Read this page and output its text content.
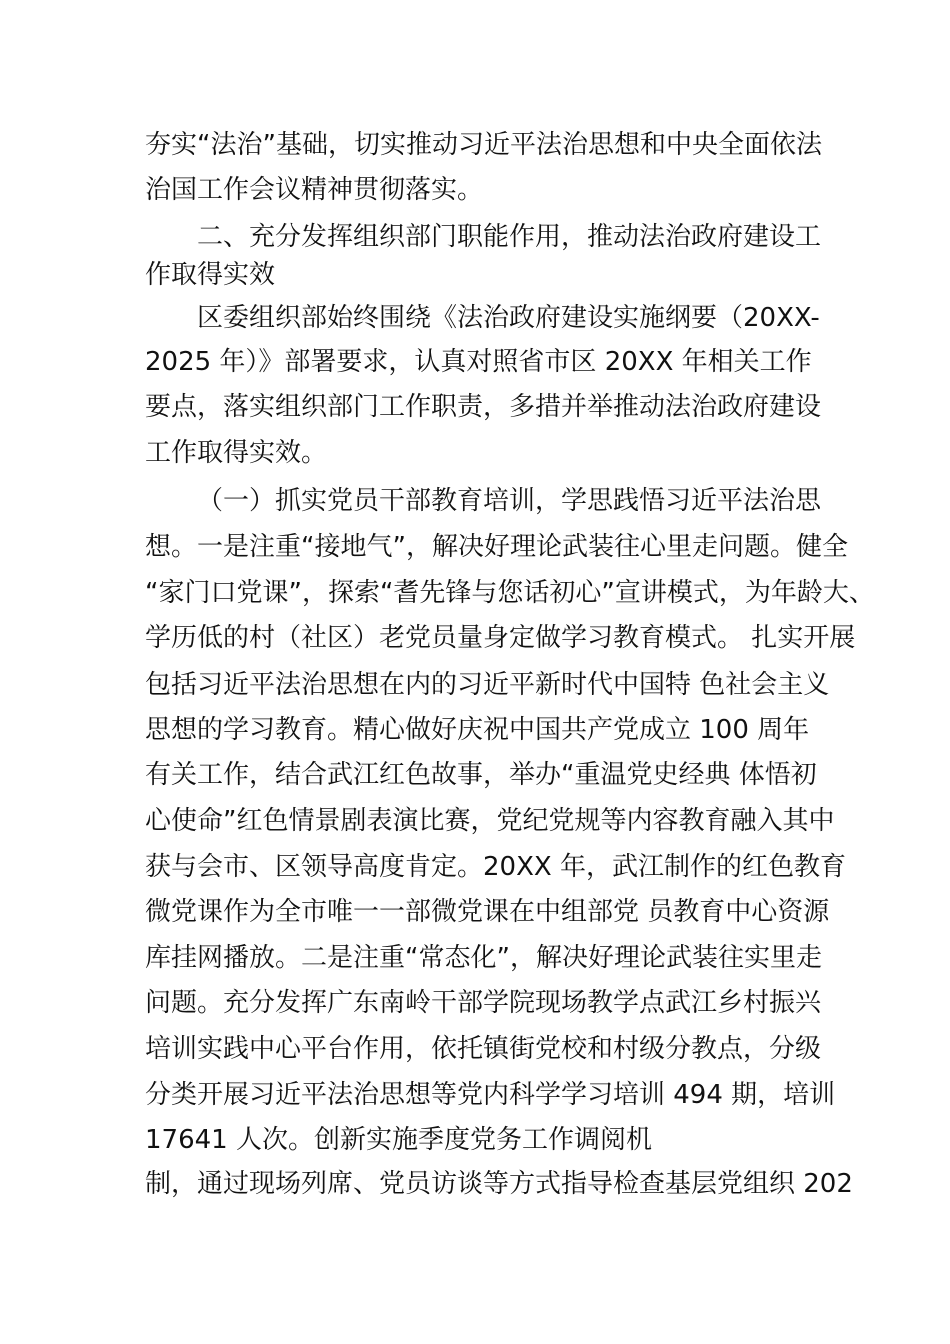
夯实“法治”基础，切实推动习近平法治思想和中央全面依法
治国工作会议精神贯彻落实。
二、充分发挥组织部门职能作用，推动法治政府建设工
作取得实效
区委组织部始终围绕《法治政府建设实施纲要（20XX-
2025 年）》部署要求，认真对照省市区 20XX 年相关工作
要点，落实组织部门工作职责，多措并举推动法治政府建设
工作取得实效。
（一）抓实党员干部教育培训，学思践悟习近平法治思
想。一是注重“接地气”，解决好理论武装往心里走问题。健全
“家门口党课”，探索“耆先锋与您话初心”宣讲模式，为年龄大、
学历低的村（社区）老党员量身定做学习教育模式。 扎实开展
包括习近平法治思想在内的习近平新时代中国特 色社会主义
思想的学习教育。精心做好庆祝中国共产党成立 100 周年
有关工作，结合武江红色故事，举办“重温党史经典 体悟初
心使命”红色情景剧表演比赛，党纪党规等内容教育融入其中
获与会市、区领导高度肯定。20XX 年，武江制作的红色教育
微党课作为全市唯一一部微党课在中组部党 员教育中心资源
库挂网播放。二是注重“常态化”，解决好理论武装往实里走
问题。充分发挥广东南岭干部学院现场教学点武江乡村振兴
培训实践中心平台作用，依托镇街党校和村级分教点，分级
分类开展习近平法治思想等党内科学学习培训 494 期，培训
17641 人次。创新实施季度党务工作调阅机
制，通过现场列席、党员访谈等方式指导检查基层党组织 202
